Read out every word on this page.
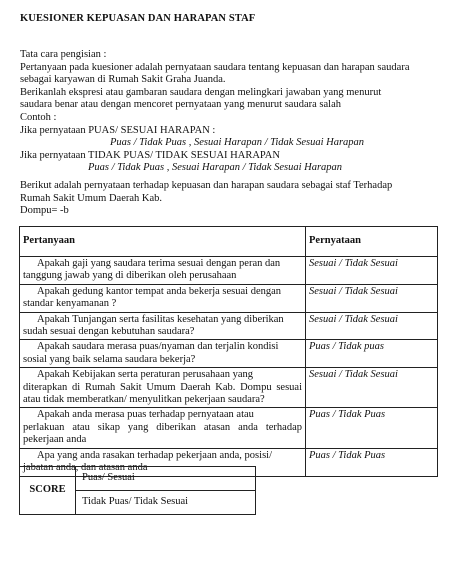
KUESIONER KEPUASAN DAN HARAPAN STAF

Tata cara pengisian :

Pertanyaan pada kuesioner adalah pernyataan saudara tentang kepuasan dan harapan saudara

sebagai karyawan di Rumah Sakit Graha Juanda.

Berikanlah ekspresi atau gambaran saudara dengan melingkari jawaban yang menurut

saudara benar atau dengan mencoret pernyataan yang menurut saudara salah

Contoh :

Jika pernyataan PUAS/ SESUAI HARAPAN :

Puas / Tidak Puas , Sesuai Harapan / Tidak Sesuai Harapan

Jika pernyataan TIDAK PUAS/ TIDAK SESUAI HARAPAN

Puas / Tidak Puas , Sesuai Harapan / Tidak Sesuai Harapan

Berikut adalah pernyataan terhadap kepuasan dan harapan saudara sebagai staf Terhadap

Rumah Sakit Umum Daerah Kab.

Dompu= -b

Pertanyaan	Pernyataan

Apakah gaji yang saudara terima sesuai dengan peran dan
tanggung jawab yang di diberikan oleh perusahaan	Sesuai / Tidak Sesuai

Apakah gedung kantor tempat anda bekerja sesuai dengan
standar kenyamanan ?	Sesuai / Tidak Sesuai

Apakah Tunjangan serta fasilitas kesehatan yang diberikan
sudah sesuai dengan kebutuhan saudara?	Sesuai / Tidak Sesuai

Apakah saudara merasa puas/nyaman dan terjalin kondisi
sosial yang baik selama saudara bekerja?	Puas / Tidak puas

Apakah Kebijakan serta peraturan perusahaan yang
diterapkan di Rumah Sakit Umum Daerah Kab. Dompu sesuai atau tidak memberatkan/ menyulitkan pekerjaan saudara?	Sesuai / Tidak Sesuai

Apakah anda merasa puas terhadap pernyataan atau
perlakuan atau sikap yang diberikan atasan anda terhadap pekerjaan anda	Puas / Tidak Puas

Apa yang anda rasakan terhadap pekerjaan anda, posisi/
jabatan anda, dan atasan anda	Puas / Tidak Puas
SCORE	Puas/ Sesuai
Tidak Puas/ Tidak Sesuai
